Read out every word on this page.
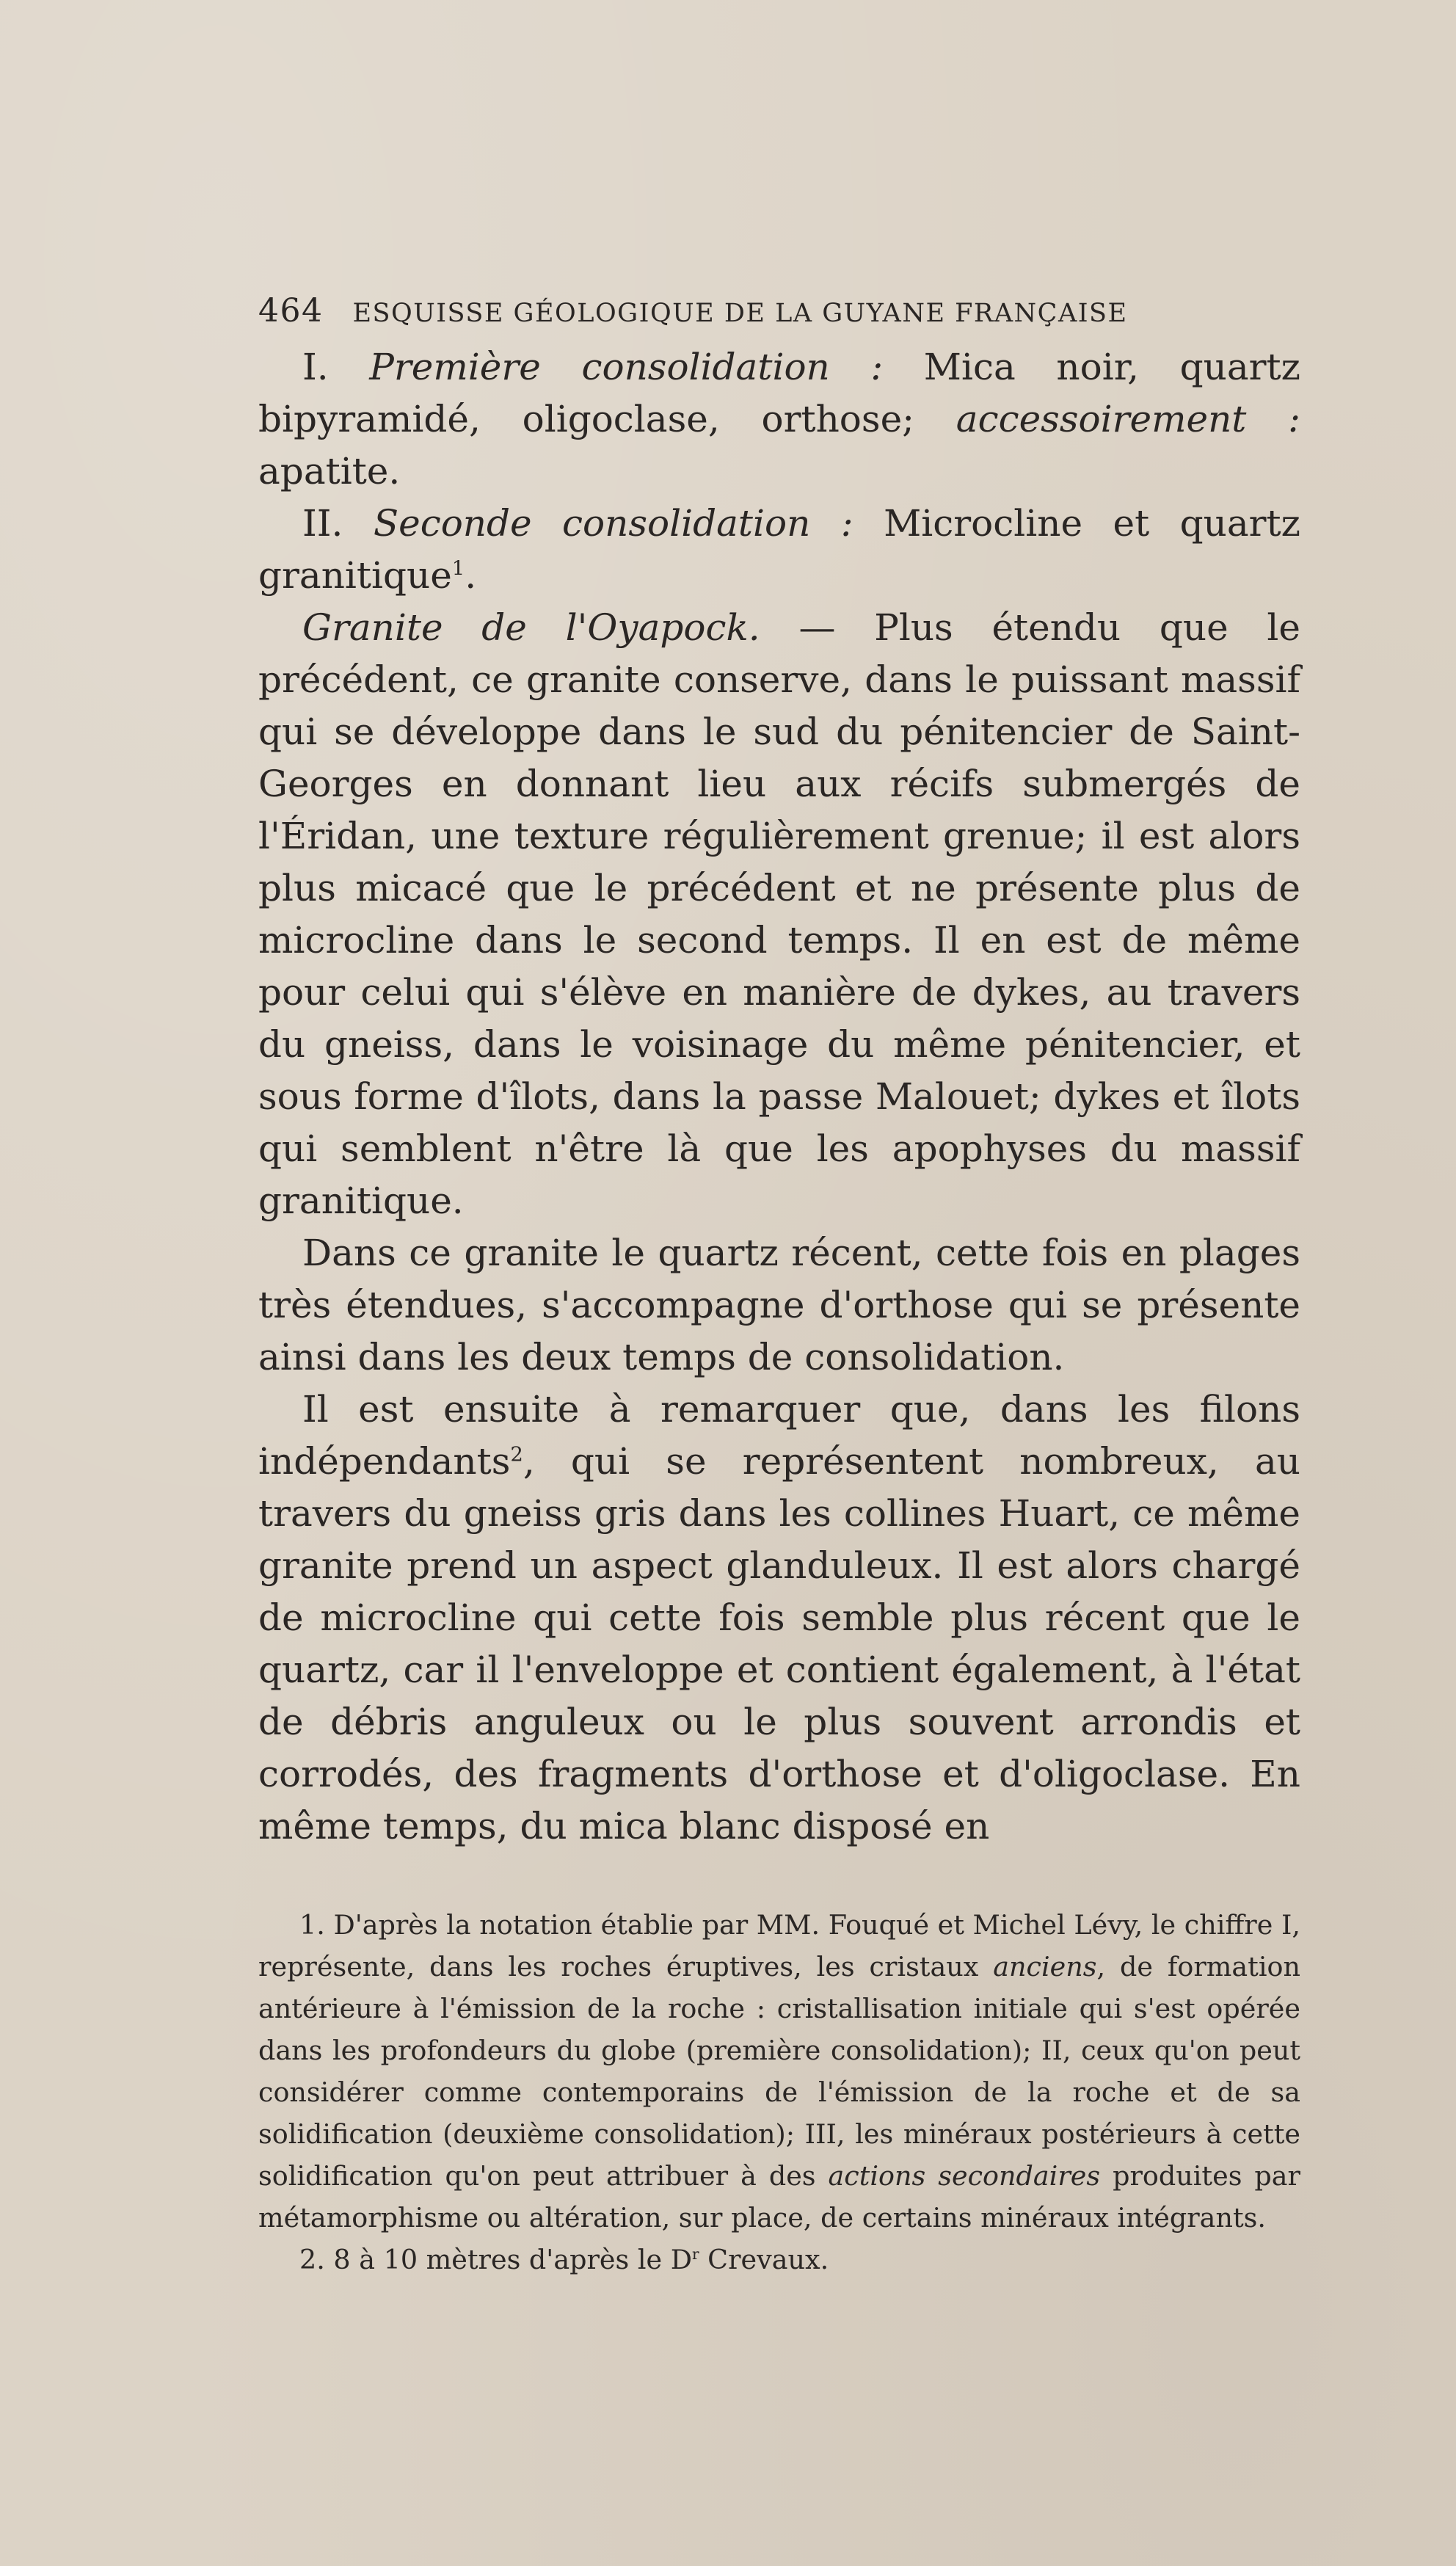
464 ESQUISSE GÉOLOGIQUE DE LA GUYANE FRANÇAISE

I. Première consolidation : Mica noir, quartz bipyramidé, oligoclase, orthose; accessoirement : apatite.

II. Seconde consolidation : Microcline et quartz granitique$^1$.

Granite de l'Oyapock. — Plus étendu que le précédent, ce granite conserve, dans le puissant massif qui se développe dans le sud du pénitencier de Saint-Georges en donnant lieu aux récifs submergés de l'Éridan, une texture régulièrement grenue; il est alors plus micacé que le précédent et ne présente plus de microcline dans le second temps. Il en est de même pour celui qui s'élève en manière de dykes, au travers du gneiss, dans le voisinage du même pénitencier, et sous forme d'îlots, dans la passe Malouet; dykes et îlots qui semblent n'être là que les apophyses du massif granitique.

Dans ce granite le quartz récent, cette fois en plages très étendues, s'accompagne d'orthose qui se présente ainsi dans les deux temps de consolidation.

Il est ensuite à remarquer que, dans les filons indépendants$^2$, qui se représentent nombreux, au travers du gneiss gris dans les collines Huart, ce même granite prend un aspect glanduleux. Il est alors chargé de microcline qui cette fois semble plus récent que le quartz, car il l'enveloppe et contient également, à l'état de débris anguleux ou le plus souvent arrondis et corrodés, des fragments d'orthose et d'oligoclase. En même temps, du mica blanc disposé en

1. D'après la notation établie par MM. Fouqué et Michel Lévy, le chiffre I, représente, dans les roches éruptives, les cristaux anciens, de formation antérieure à l'émission de la roche : cristallisation initiale qui s'est opérée dans les profondeurs du globe (première consolidation); II, ceux qu'on peut considérer comme contemporains de l'émission de la roche et de sa solidification (deuxième consolidation); III, les minéraux postérieurs à cette solidification qu'on peut attribuer à des actions secondaires produites par métamorphisme ou altération, sur place, de certains minéraux intégrants.

2. 8 à 10 mètres d'après le $D^r$ Crevaux.
